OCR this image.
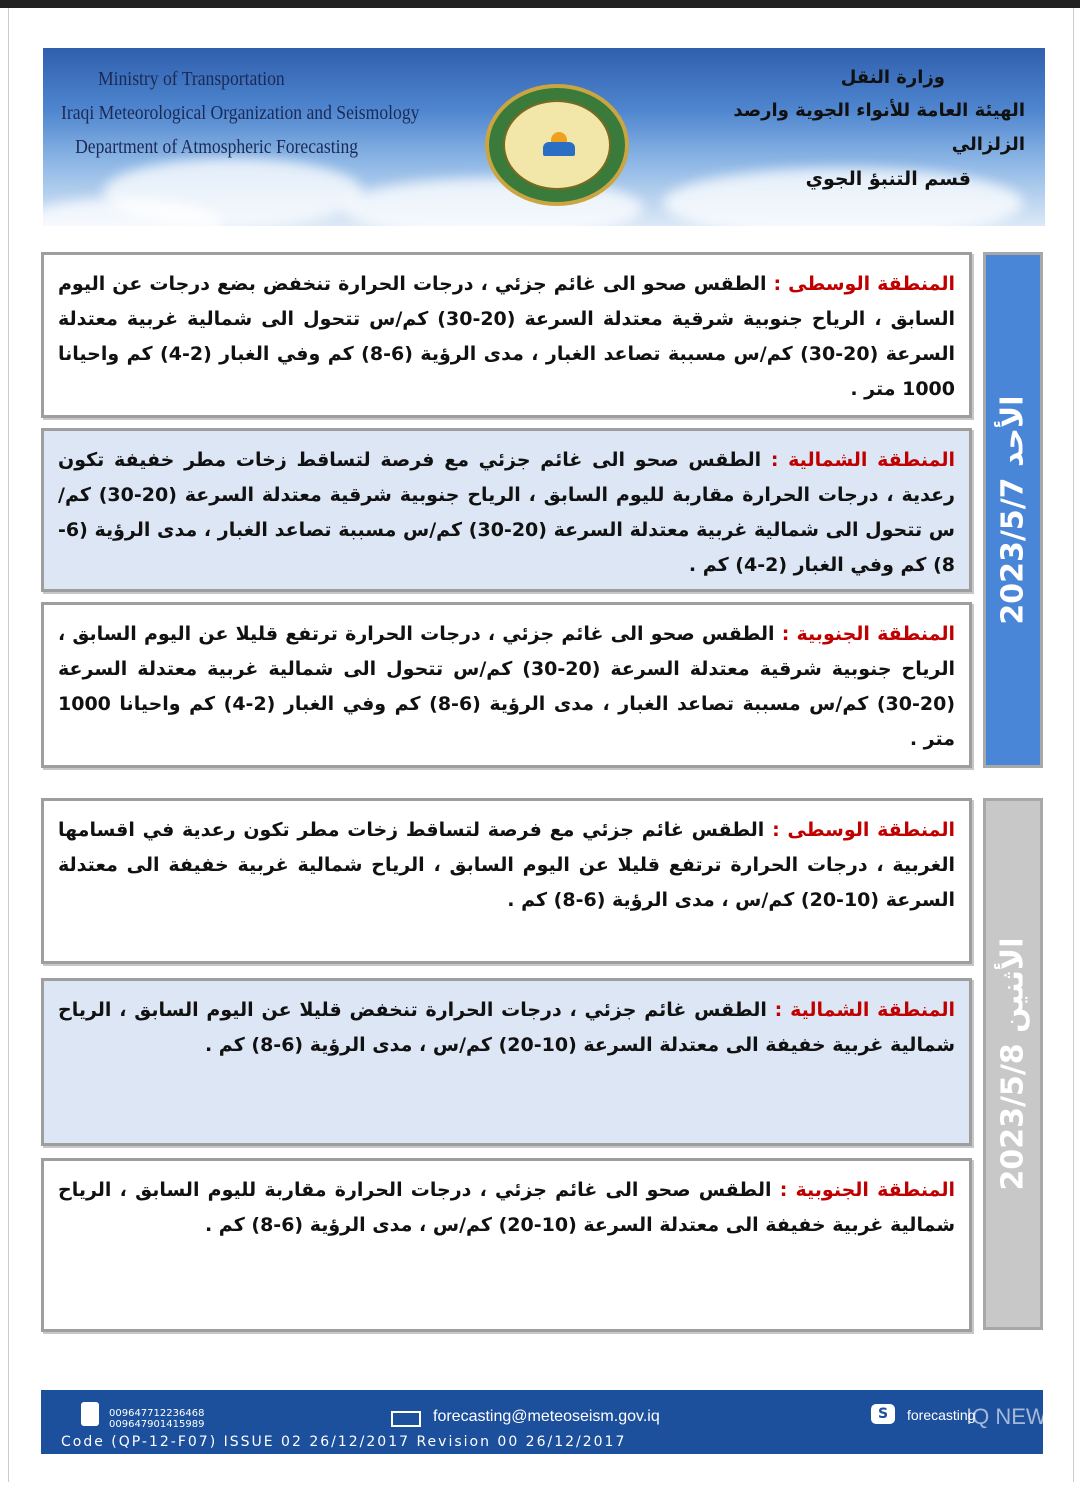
Ministry of Transportation
Iraqi Meteorological Organization and Seismology
Department of Atmospheric Forecasting
وزارة النقل
الهيئة العامة للأنواء الجوية وارصد الزلزالي
قسم التنبؤ الجوي
الأحد 2023/5/7
المنطقة الوسطى : الطقس صحو الى غائم جزئي ، درجات الحرارة تنخفض بضع درجات عن اليوم السابق ، الرياح جنوبية شرقية معتدلة السرعة (20-30) كم/س تتحول الى شمالية غربية معتدلة السرعة (20-30) كم/س مسببة تصاعد الغبار ، مدى الرؤية (6-8) كم وفي الغبار (2-4) كم واحيانا 1000 متر .
المنطقة الشمالية : الطقس صحو الى غائم جزئي مع فرصة لتساقط زخات مطر خفيفة تكون رعدية ، درجات الحرارة مقاربة لليوم السابق ، الرياح جنوبية شرقية معتدلة السرعة (20-30) كم/س تتحول الى شمالية غربية معتدلة السرعة (20-30) كم/س مسببة تصاعد الغبار ، مدى الرؤية (6-8) كم وفي الغبار (2-4) كم .
المنطقة الجنوبية : الطقس صحو الى غائم جزئي ، درجات الحرارة ترتفع قليلا عن اليوم السابق ، الرياح جنوبية شرقية معتدلة السرعة (20-30) كم/س تتحول الى شمالية غربية معتدلة السرعة (20-30) كم/س مسببة تصاعد الغبار ، مدى الرؤية (6-8) كم وفي الغبار (2-4) كم واحيانا 1000 متر .
الأثنين 2023/5/8
المنطقة الوسطى : الطقس غائم جزئي مع فرصة لتساقط زخات مطر تكون رعدية في اقسامها الغربية ، درجات الحرارة ترتفع قليلا عن اليوم السابق ، الرياح شمالية غربية خفيفة الى معتدلة السرعة (10-20) كم/س ، مدى الرؤية (6-8) كم .
المنطقة الشمالية : الطقس غائم جزئي ، درجات الحرارة تنخفض قليلا عن اليوم السابق ، الرياح شمالية غربية خفيفة الى معتدلة السرعة (10-20) كم/س ، مدى الرؤية (6-8) كم .
المنطقة الجنوبية : الطقس صحو الى غائم جزئي ، درجات الحرارة مقاربة لليوم السابق ، الرياح شمالية غربية خفيفة الى معتدلة السرعة (10-20) كم/س ، مدى الرؤية (6-8) كم .
009647712236468
009647901415989	forecasting@meteoseism.gov.iq	S	forecasting
Code (QP-12-F07) ISSUE 02 26/12/2017 Revision 00 26/12/2017
IQ NEW
